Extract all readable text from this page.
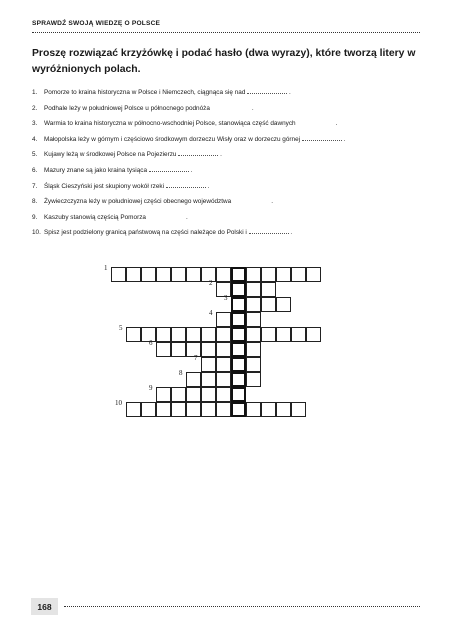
SPRAWDŹ SWOJĄ WIEDZĘ O POLSCE

Proszę rozwiązać krzyżówkę i podać hasło (dwa wyrazy), które tworzą litery w wyróżnionych polach.

1. Pomorze to kraina historyczna w Polsce i Niemczech, ciągnąca się nad	.
2. Podhale leży w południowej Polsce u północnego podnóża	.
3. Warmia to kraina historyczna w północno-wschodniej Polsce, stanowiąca część dawnych	.
4. Małopolska leży w górnym i częściowo środkowym dorzeczu Wisły oraz w dorzeczu górnej	.
5. Kujawy leżą w środkowej Polsce na Pojezierzu	.
6. Mazury znane są jako kraina tysiąca	.
7. Śląsk Cieszyński jest skupiony wokół rzeki	.
8. Żywieczczyzna leży w południowej części obecnego województwa	.
9. Kaszuby stanowią częścią Pomorza	.
10. Spisz jest podzielony granicą państwową na części należące do Polski i	.
1
2
3
4
5
6
7
8
9
10
168
